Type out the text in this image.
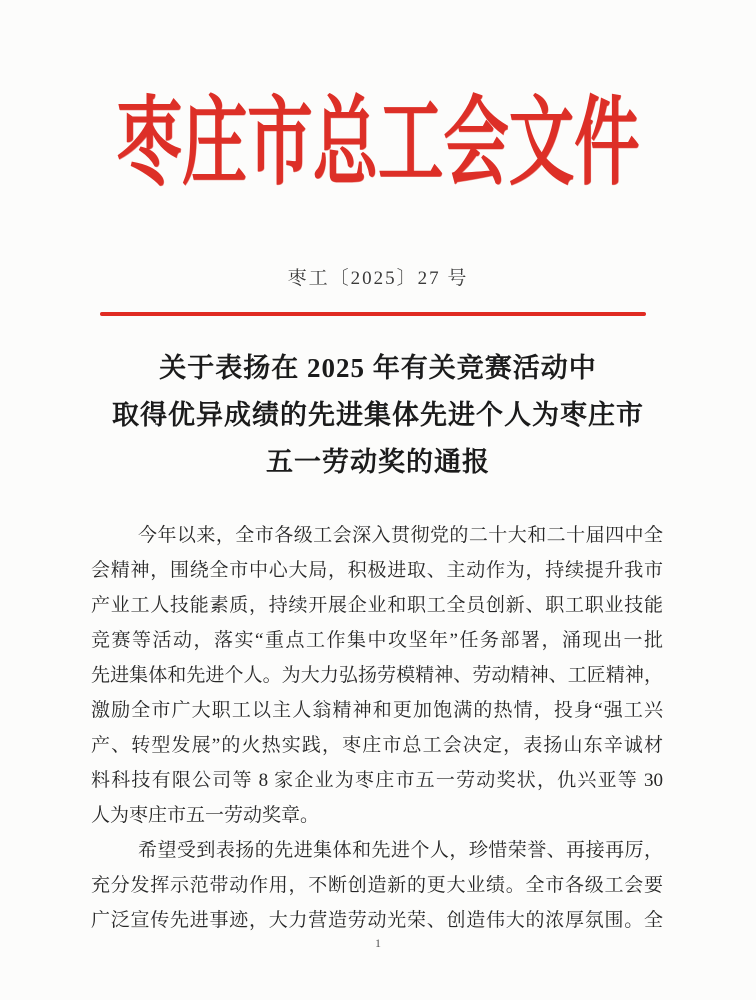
枣庄市总工会文件
枣工〔2025〕27 号
关于表扬在 2025 年有关竞赛活动中
取得优异成绩的先进集体先进个人为枣庄市
五一劳动奖的通报
今年以来，全市各级工会深入贯彻党的二十大和二十届四中全
会精神，围绕全市中心大局，积极进取、主动作为，持续提升我市
产业工人技能素质，持续开展企业和职工全员创新、职工职业技能
竞赛等活动，落实“重点工作集中攻坚年”任务部署，涌现出一批
先进集体和先进个人。为大力弘扬劳模精神、劳动精神、工匠精神，
激励全市广大职工以主人翁精神和更加饱满的热情，投身“强工兴
产、转型发展”的火热实践，枣庄市总工会决定，表扬山东辛诚材
料科技有限公司等 8 家企业为枣庄市五一劳动奖状，仇兴亚等 30
人为枣庄市五一劳动奖章。
希望受到表扬的先进集体和先进个人，珍惜荣誉、再接再厉，
充分发挥示范带动作用，不断创造新的更大业绩。全市各级工会要
广泛宣传先进事迹，大力营造劳动光荣、创造伟大的浓厚氛围。全
1
